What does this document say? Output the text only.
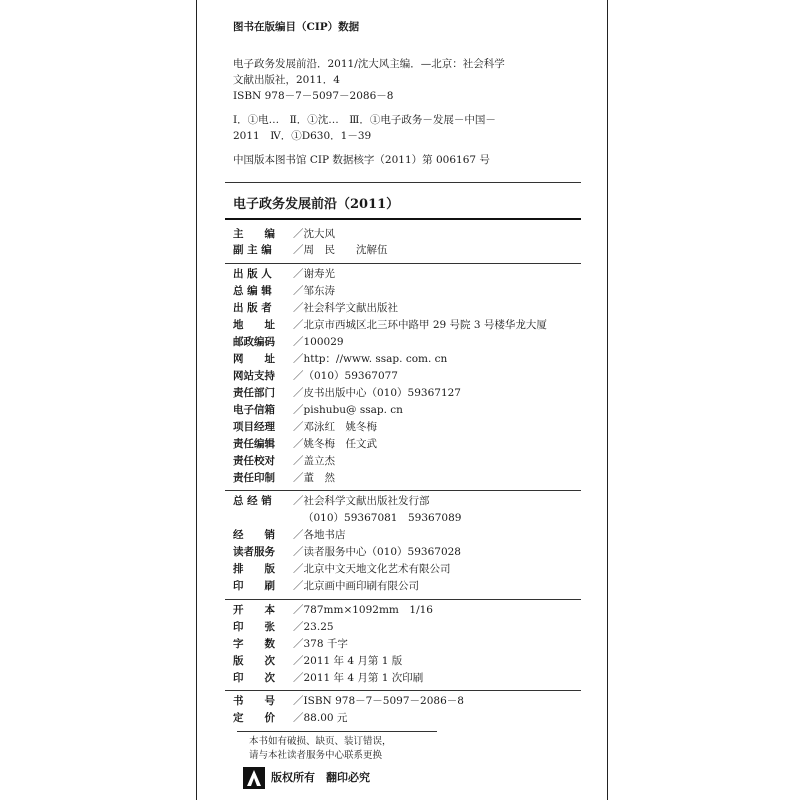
图书在版编目（CIP）数据
电子政务发展前沿．2011/沈大风主编．—北京：社会科学
文献出版社，2011．4
ISBN 978－7－5097－2086－8
Ⅰ．①电…　Ⅱ．①沈…　Ⅲ．①电子政务－发展－中国－
2011　Ⅳ．①D630．1－39
中国版本图书馆 CIP 数据核字（2011）第 006167 号
电子政务发展前沿（2011）
主　　编 ／沈大风
副 主 编 ／周　民　　沈解伍
出 版 人 ／谢寿光
总 编 辑 ／邹东涛
出 版 者 ／社会科学文献出版社
地　　址 ／北京市西城区北三环中路甲 29 号院 3 号楼华龙大厦
邮政编码 ／100029
网　　址 ／http：//www. ssap. com. cn
网站支持 ／（010）59367077
责任部门 ／皮书出版中心（010）59367127
电子信箱 ／pishubu@ ssap. cn
项目经理 ／邓泳红　姚冬梅
责任编辑 ／姚冬梅　任文武
责任校对 ／盖立杰
责任印制 ／董　然
总 经 销 ／社会科学文献出版社发行部
（010）59367081　59367089
经　　销 ／各地书店
读者服务 ／读者服务中心（010）59367028
排　　版 ／北京中文天地文化艺术有限公司
印　　刷 ／北京画中画印刷有限公司
开　　本 ／787mm×1092mm　1/16
印　　张 ／23.25
字　　数 ／378 千字
版　　次 ／2011 年 4 月第 1 版
印　　次 ／2011 年 4 月第 1 次印刷
书　　号 ／ISBN 978－7－5097－2086－8
定　　价 ／88.00 元
本书如有破损、缺页、装订错误，
请与本社读者服务中心联系更换
版权所有　翻印必究
